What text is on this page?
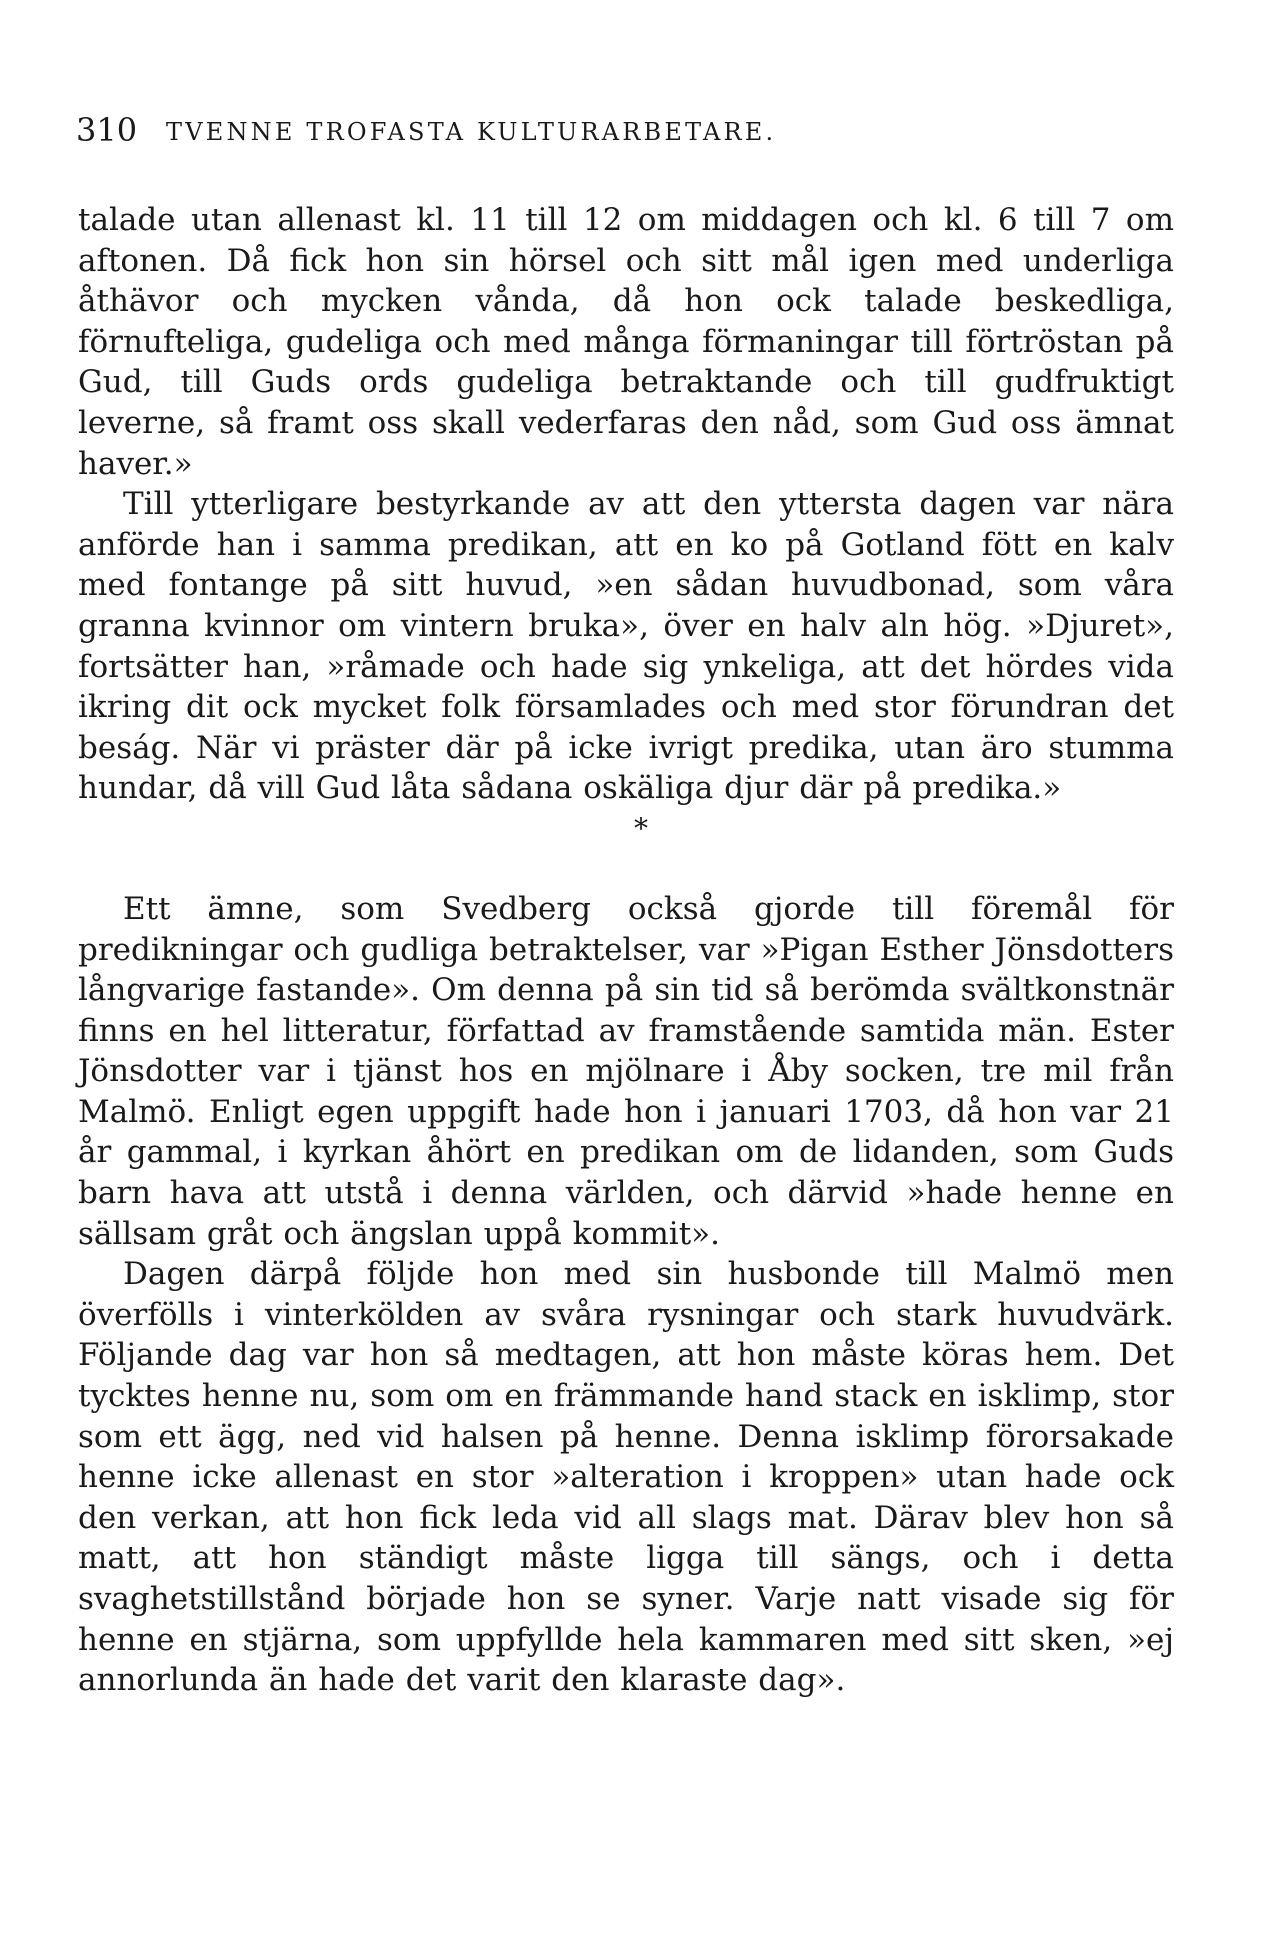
310 TVENNE TROFASTA KULTURARBETARE.

talade utan allenast kl. 11 till 12 om middagen och kl. 6 till 7 om aftonen. Då fick hon sin hörsel och sitt mål igen med underliga åthävor och mycken vånda, då hon ock talade beskedliga, förnufteliga, gudeliga och med många förmaningar till förtröstan på Gud, till Guds ords gudeliga betraktande och till gudfruktigt leverne, så framt oss skall vederfaras den nåd, som Gud oss ämnat haver.»

Till ytterligare bestyrkande av att den yttersta dagen var nära anförde han i samma predikan, att en ko på Gotland fött en kalv med fontange på sitt huvud, »en sådan huvudbonad, som våra granna kvinnor om vintern bruka», över en halv aln hög. »Djuret», fortsätter han, »råmade och hade sig ynkeliga, att det hördes vida ikring dit ock mycket folk församlades och med stor förundran det beság. När vi präster där på icke ivrigt predika, utan äro stumma hundar, då vill Gud låta sådana oskäliga djur där på predika.»

*

Ett ämne, som Svedberg också gjorde till föremål för predikningar och gudliga betraktelser, var »Pigan Esther Jönsdotters långvarige fastande». Om denna på sin tid så berömda svältkonstnär finns en hel litteratur, författad av framstående samtida män. Ester Jönsdotter var i tjänst hos en mjölnare i Åby socken, tre mil från Malmö. Enligt egen uppgift hade hon i januari 1703, då hon var 21 år gammal, i kyrkan åhört en predikan om de lidanden, som Guds barn hava att utstå i denna världen, och därvid »hade henne en sällsam gråt och ängslan uppå kommit».

Dagen därpå följde hon med sin husbonde till Malmö men överfölls i vinterkölden av svåra rysningar och stark huvudvärk. Följande dag var hon så medtagen, att hon måste köras hem. Det tycktes henne nu, som om en främmande hand stack en isklimp, stor som ett ägg, ned vid halsen på henne. Denna isklimp förorsakade henne icke allenast en stor »alteration i kroppen» utan hade ock den verkan, att hon fick leda vid all slags mat. Därav blev hon så matt, att hon ständigt måste ligga till sängs, och i detta svaghetstillstånd började hon se syner. Varje natt visade sig för henne en stjärna, som uppfyllde hela kammaren med sitt sken, »ej annorlunda än hade det varit den klaraste dag».
